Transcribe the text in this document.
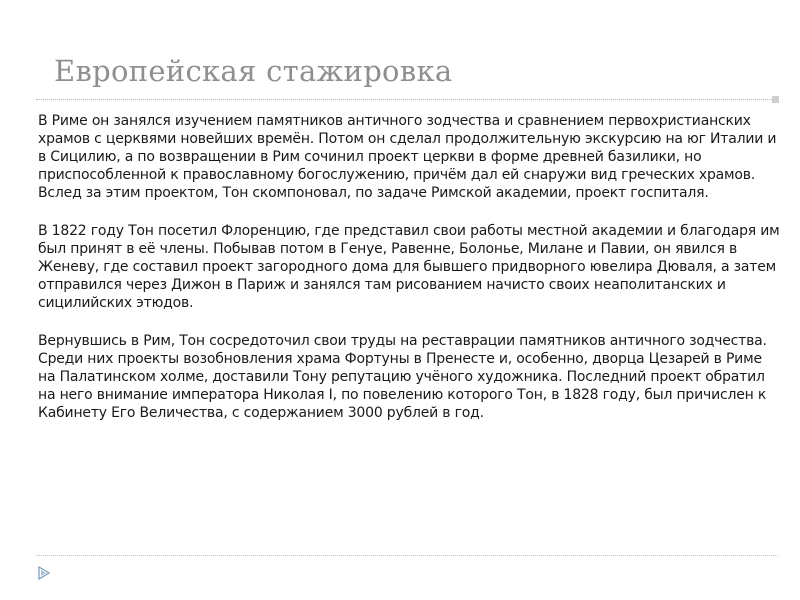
Европейская стажировка

В Риме он занялся изучением памятников античного зодчества и сравнением первохристианских храмов с церквями новейших времён. Потом он сделал продолжительную экскурсию на юг Италии и в Сицилию, а по возвращении в Рим сочинил проект церкви в форме древней базилики, но приспособленной к православному богослужению, причём дал ей снаружи вид греческих храмов. Вслед за этим проектом, Тон скомпоновал, по задаче Римской академии, проект госпиталя.

В 1822 году Тон посетил Флоренцию, где представил свои работы местной академии и благодаря им был принят в её члены. Побывав потом в Генуе, Равенне, Болонье, Милане и Павии, он явился в Женеву, где составил проект загородного дома для бывшего придворного ювелира Дюваля, а затем отправился через Дижон в Париж и занялся там рисованием начисто своих неаполитанских и сицилийских этюдов.

Вернувшись в Рим, Тон сосредоточил свои труды на реставрации памятников античного зодчества. Среди них проекты возобновления храма Фортуны в Пренесте и, особенно, дворца Цезарей в Риме на Палатинском холме, доставили Тону репутацию учёного художника. Последний проект обратил на него внимание императора Николая I, по повелению которого Тон, в 1828 году, был причислен к Кабинету Его Величества, с содержанием 3000 рублей в год.
